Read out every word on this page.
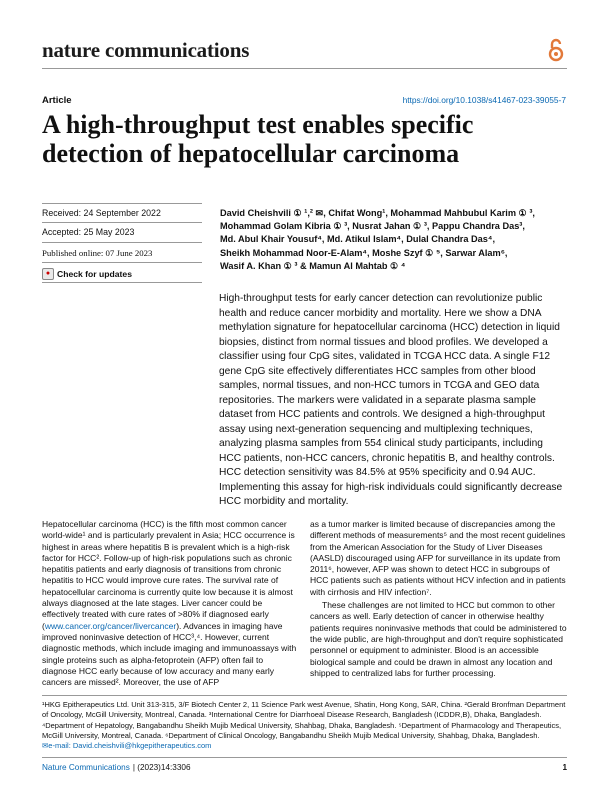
nature communications
Article	https://doi.org/10.1038/s41467-023-39055-7
A high-throughput test enables specific detection of hepatocellular carcinoma
Received: 24 September 2022
Accepted: 25 May 2023
Published online: 07 June 2023
● Check for updates
David Cheishvili ① ¹,² ✉, Chifat Wong¹, Mohammad Mahbubul Karim ① ³,
Mohammad Golam Kibria ① ³, Nusrat Jahan ① ³, Pappu Chandra Das³,
Md. Abul Khair Yousuf⁴, Md. Atikul Islam⁴, Dulal Chandra Das⁴,
Sheikh Mohammad Noor-E-Alam⁴, Moshe Szyf ① ⁵, Sarwar Alam⁶,
Wasif A. Khan ① ³ & Mamun Al Mahtab ① ⁴
High-throughput tests for early cancer detection can revolutionize public health and reduce cancer morbidity and mortality. Here we show a DNA methylation signature for hepatocellular carcinoma (HCC) detection in liquid biopsies, distinct from normal tissues and blood profiles. We developed a classifier using four CpG sites, validated in TCGA HCC data. A single F12 gene CpG site effectively differentiates HCC samples from other blood samples, normal tissues, and non-HCC tumors in TCGA and GEO data repositories. The markers were validated in a separate plasma sample dataset from HCC patients and controls. We designed a high-throughput assay using next-generation sequencing and multiplexing techniques, analyzing plasma samples from 554 clinical study participants, including HCC patients, non-HCC cancers, chronic hepatitis B, and healthy controls. HCC detection sensitivity was 84.5% at 95% specificity and 0.94 AUC. Implementing this assay for high-risk individuals could significantly decrease HCC morbidity and mortality.

Hepatocellular carcinoma (HCC) is the fifth most common cancer world-wide¹ and is particularly prevalent in Asia; HCC occurrence is highest in areas where hepatitis B is prevalent which is a high-risk factor for HCC². Follow-up of high-risk populations such as chronic hepatitis patients and early diagnosis of transitions from chronic hepatitis to HCC would improve cure rates. The survival rate of hepatocellular carcinoma is currently quite low because it is almost always diagnosed at the late stages. Liver cancer could be effectively treated with cure rates of >80% if diagnosed early (www.cancer.org/cancer/livercancer). Advances in imaging have improved noninvasive detection of HCC³,⁴. However, current diagnostic methods, which include imaging and immunoassays with single proteins such as alpha-fetoprotein (AFP) often fail to diagnose HCC early because of low accuracy and many early cancers are missed². Moreover, the use of AFP

as a tumor marker is limited because of discrepancies among the different methods of measurements⁵ and the most recent guidelines from the American Association for the Study of Liver Diseases (AASLD) discouraged using AFP for surveillance in its update from 2011⁶, however, AFP was shown to detect HCC in subgroups of HCC patients such as patients without HCV infection and in patients with cirrhosis and HIV infection⁷.

These challenges are not limited to HCC but common to other cancers as well. Early detection of cancer in otherwise healthy patients requires noninvasive methods that could be administered to the wide public, are high-throughput and don't require sophisticated personnel or equipment to administer. Blood is an accessible biological sample and could be drawn in almost any location and shipped to centralized labs for further processing.

¹HKG Epitherapeutics Ltd. Unit 313-315, 3/F Biotech Center 2, 11 Science Park west Avenue, Shatin, Hong Kong, SAR, China. ²Gerald Bronfman Department of Oncology, McGill University, Montreal, Canada. ³International Centre for Diarrhoeal Disease Research, Bangladesh (ICDDR,B), Dhaka, Bangladesh. ⁴Department of Hepatology, Bangabandhu Sheikh Mujib Medical University, Shahbag, Dhaka, Bangladesh. ⁵Department of Pharmacology and Therapeutics, McGill University, Montreal, Canada. ⁶Department of Clinical Oncology, Bangabandhu Sheikh Mujib Medical University, Shahbag, Dhaka, Bangladesh.
✉e-mail: David.cheishvili@hkgepitherapeutics.com
Nature Communications | (2023)14:3306	1
